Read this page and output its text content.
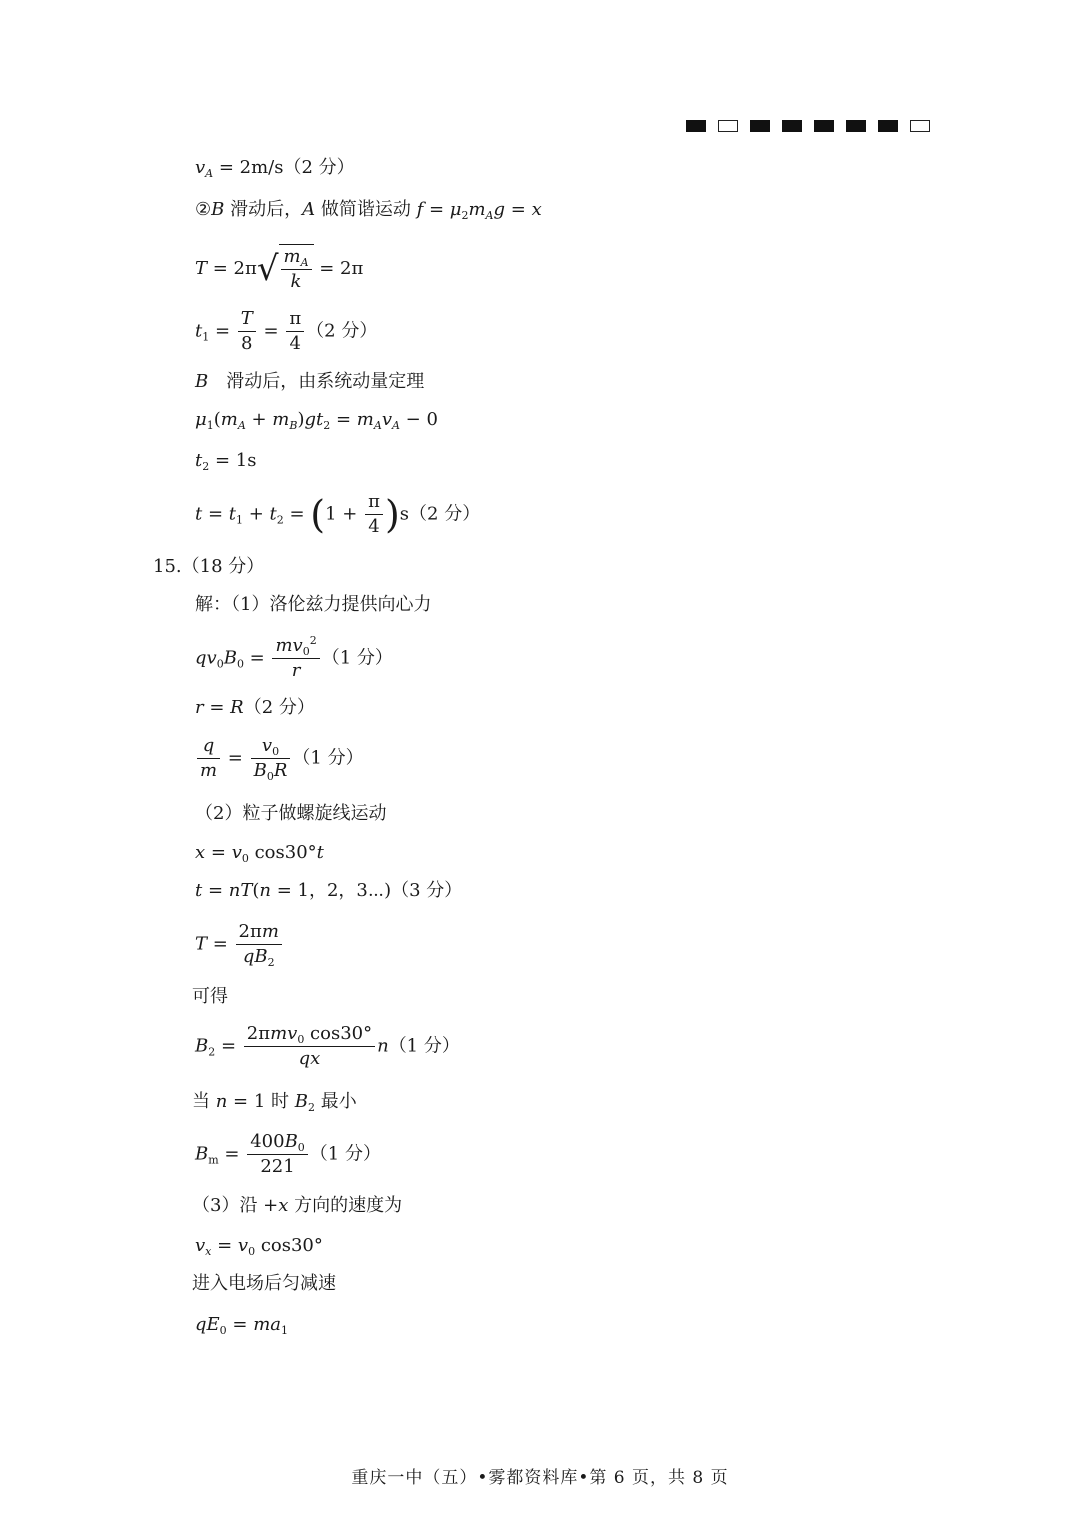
$v_A = 2m/s(2$ 分）
②B 滑动后，A 做简谐运动 $f = \mu_2m_Ag = x$
$T = 2\pi√ \frac{m_A}{k} = 2\pi$
$t_1 = \frac{T}{8} = \frac{\pi}{4} (2$ 分）
B　滑动后，由系统动量定理
$\mu_1(m_A + m_B)gt_2 = m_Av_A - 0$
$t_2 = 1s$
$t = t_1 + t_2 = (1 + \frac{\pi}{4} )s(2$ 分）
15.（18 分）
解：（1）洛伦兹力提供向心力
$qv_0B_0 = \frac{mv_0^2}{r} (1$ 分）
r = R（2 分）
$\frac{q}{m} = \frac{v_0}{B_0R} (1$ 分）
（2）粒子做螺旋线运动
$x = v_0$ cos30°t
t = nT(n = 1，2，3⋯)（3 分）
$T = \frac{2\pi m}{qB_2}$
可得
$B_2 = \frac{2\pi mv_0 \cos 30^\circ}{qx} n(1$ 分）
当 n = 1 时 $B_2$ 最小
$B_m = \frac{400B_0}{221} (1$ 分）
（3）沿 +x 方向的速度为
$v_x = v_0$ cos30°
进入电场后匀减速
$qE_0 = ma_1$
重庆一中（五）•雾都资料库•第 6 页，共 8 页
